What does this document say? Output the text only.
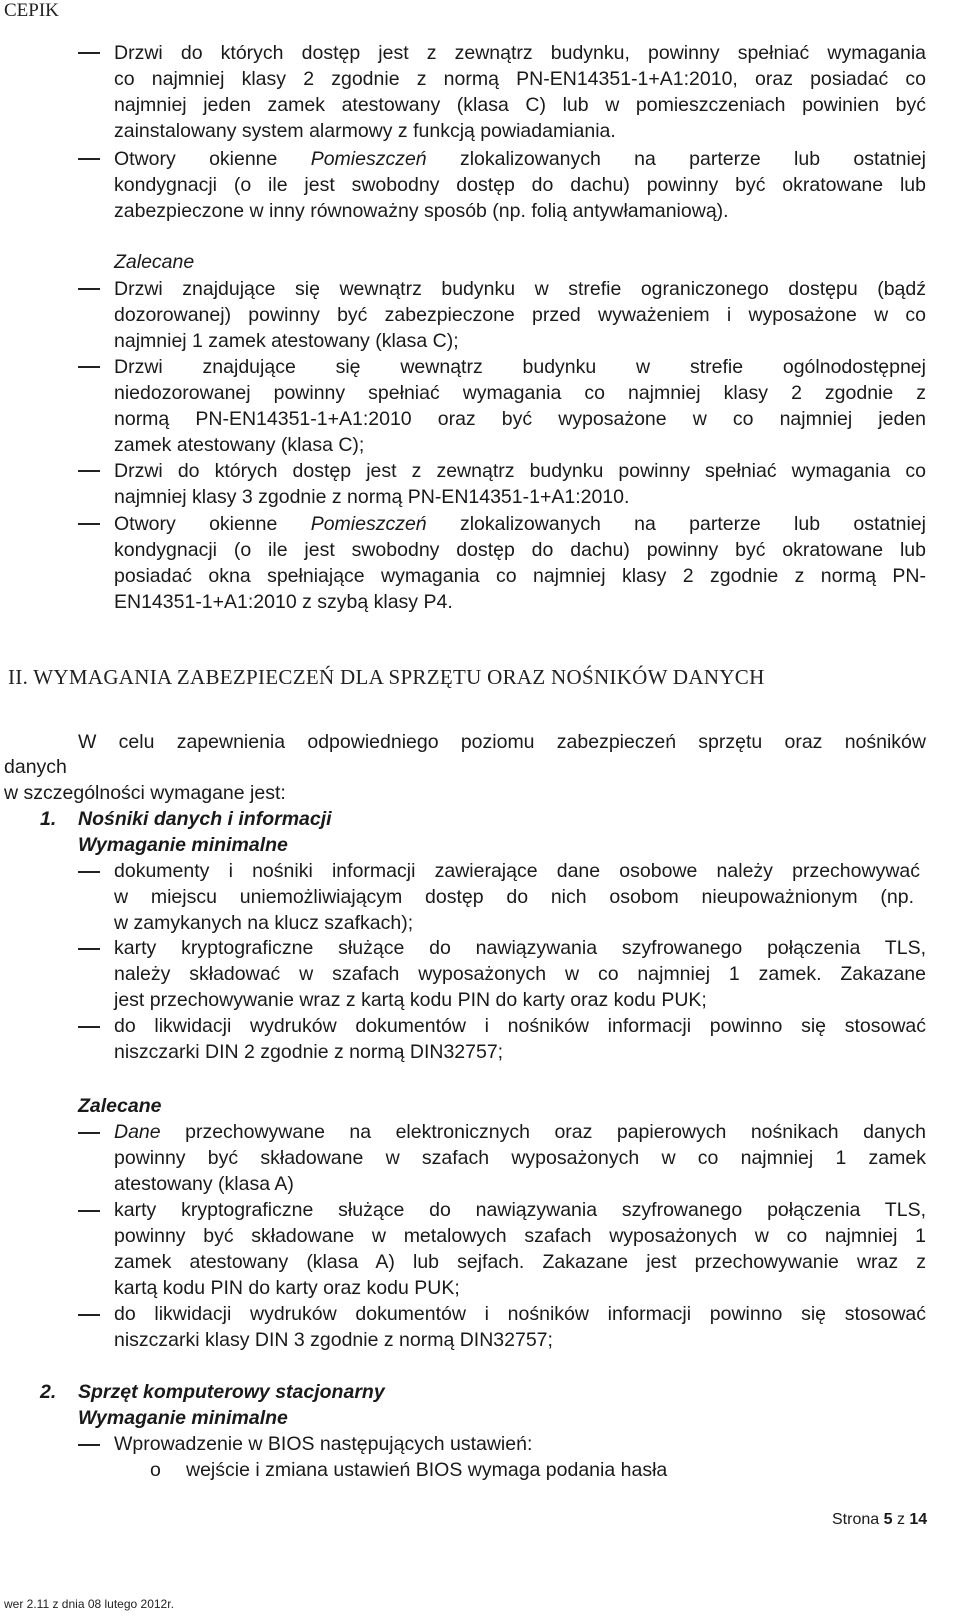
CEPIK
Drzwi do których dostęp jest z zewnątrz budynku, powinny spełniać wymagania
co najmniej klasy 2 zgodnie z normą PN-EN14351-1+A1:2010, oraz posiadać co
najmniej jeden zamek atestowany (klasa C) lub w pomieszczeniach powinien być
zainstalowany system alarmowy z funkcją powiadamiania.
Otwory okienne Pomieszczeń zlokalizowanych na parterze lub ostatniej
kondygnacji (o ile jest swobodny dostęp do dachu) powinny być okratowane lub
zabezpieczone w inny równoważny sposób (np. folią antywłamaniową).
Zalecane
Drzwi znajdujące się wewnątrz budynku w strefie ograniczonego dostępu (bądź
dozorowanej) powinny być zabezpieczone przed wyważeniem i wyposażone w co
najmniej 1 zamek atestowany (klasa C);
Drzwi znajdujące się wewnątrz budynku w strefie ogólnodostępnej
niedozorowanej powinny spełniać wymagania co najmniej klasy 2 zgodnie z
normą PN-EN14351-1+A1:2010 oraz być wyposażone w co najmniej jeden
zamek atestowany (klasa C);
Drzwi do których dostęp jest z zewnątrz budynku powinny spełniać wymagania co
najmniej klasy 3 zgodnie z normą PN-EN14351-1+A1:2010.
Otwory okienne Pomieszczeń zlokalizowanych na parterze lub ostatniej
kondygnacji (o ile jest swobodny dostęp do dachu) powinny być okratowane lub
posiadać okna spełniające wymagania co najmniej klasy 2 zgodnie z normą PN-
EN14351-1+A1:2010 z szybą klasy P4.
II. WYMAGANIA ZABEZPIECZEŃ DLA SPRZĘTU ORAZ NOŚNIKÓW DANYCH
W celu zapewnienia odpowiedniego poziomu zabezpieczeń sprzętu oraz nośników
danych
w szczególności wymagane jest:
1. Nośniki danych i informacji
Wymaganie minimalne
dokumenty i nośniki informacji zawierające dane osobowe należy przechowywać
w miejscu uniemożliwiającym dostęp do nich osobom nieupoważnionym (np.
w zamykanych na klucz szafkach);
karty kryptograficzne służące do nawiązywania szyfrowanego połączenia TLS,
należy składować w szafach wyposażonych w co najmniej 1 zamek. Zakazane
jest przechowywanie wraz z kartą kodu PIN do karty oraz kodu PUK;
do likwidacji wydruków dokumentów i nośników informacji powinno się stosować
niszczarki DIN 2 zgodnie z normą DIN32757;
Zalecane
Dane przechowywane na elektronicznych oraz papierowych nośnikach danych
powinny być składowane w szafach wyposażonych w co najmniej 1 zamek
atestowany (klasa A)
karty kryptograficzne służące do nawiązywania szyfrowanego połączenia TLS,
powinny być składowane w metalowych szafach wyposażonych w co najmniej 1
zamek atestowany (klasa A) lub sejfach. Zakazane jest przechowywanie wraz z
kartą kodu PIN do karty oraz kodu PUK;
do likwidacji wydruków dokumentów i nośników informacji powinno się stosować
niszczarki klasy DIN 3 zgodnie z normą DIN32757;
2. Sprzęt komputerowy stacjonarny
Wymaganie minimalne
Wprowadzenie w BIOS następujących ustawień:
o wejście i zmiana ustawień BIOS wymaga podania hasła
Strona 5 z 14
wer 2.11 z dnia 08 lutego 2012r.
